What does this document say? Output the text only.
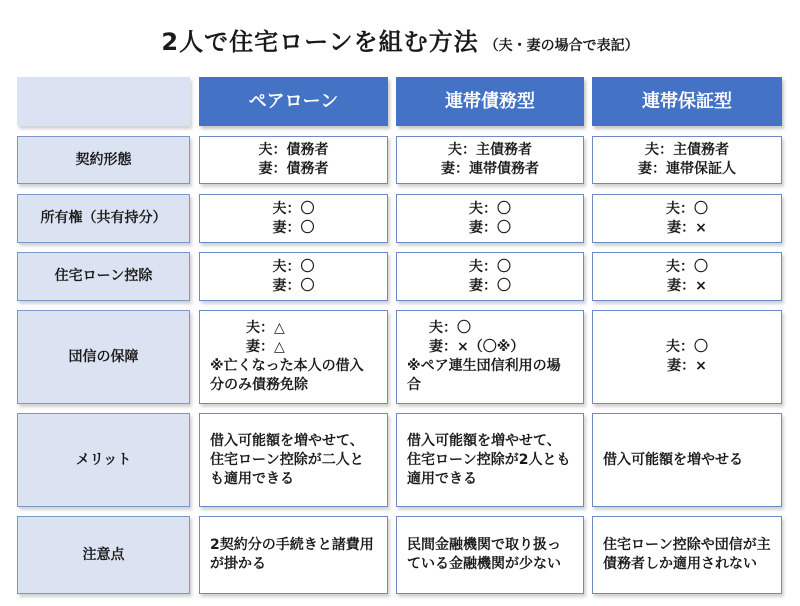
2人で住宅ローンを組む方法 （夫・妻の場合で表記）
ペアローン	連帯債務型	連帯保証型
契約形態
夫：債務者
妻：債務者
夫：主債務者
妻：連帯債務者
夫：主債務者
妻：連帯保証人
所有権（共有持分）
夫：〇
妻：〇
夫：〇
妻：〇
夫：〇
妻：×
住宅ローン控除
夫：〇
妻：〇
夫：〇
妻：〇
夫：〇
妻：×
団信の保障
夫：△
妻：△
※亡くなった本人の借入分のみ債務免除
夫：〇
妻：×（〇※）
※ペア連生団信利用の場合
夫：〇
妻：×
メリット
借入可能額を増やせて、住宅ローン控除が二人とも適用できる
借入可能額を増やせて、住宅ローン控除が2人とも適用できる
借入可能額を増やせる
注意点
2契約分の手続きと諸費用が掛かる
民間金融機関で取り扱っている金融機関が少ない
住宅ローン控除や団信が主債務者しか適用されない
